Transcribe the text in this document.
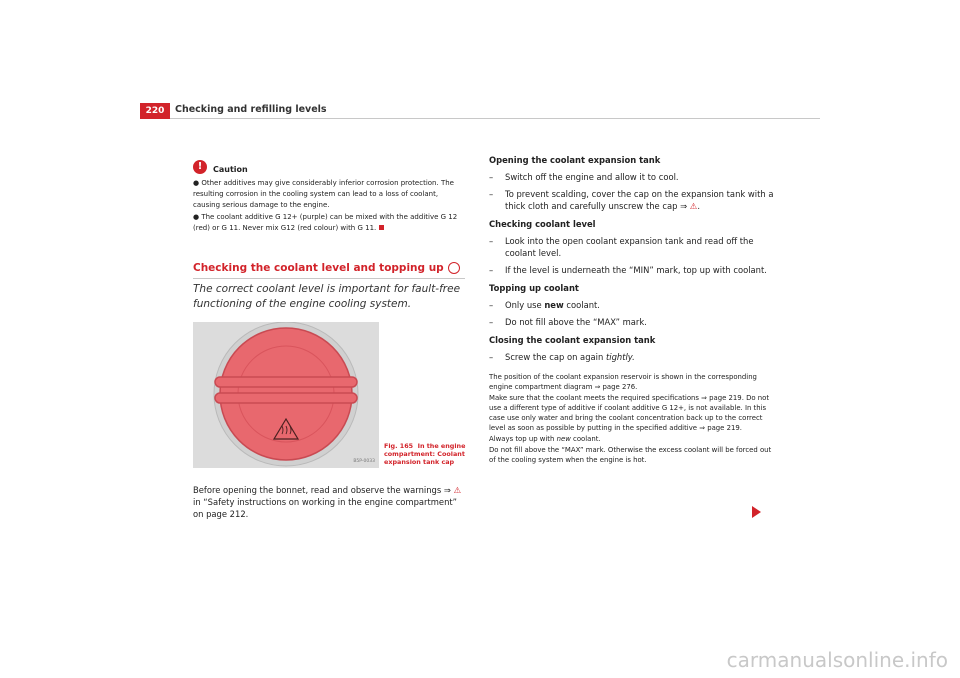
220	Checking and refilling levels
!	Caution

● Other additives may give considerably inferior corrosion protection. The resulting corrosion in the cooling system can lead to a loss of coolant, causing serious damage to the engine.

● The coolant additive G 12+ (purple) can be mixed with the additive G 12 (red) or G 11. Never mix G12 (red colour) with G 11.

Checking the coolant level and topping up
The correct coolant level is important for fault-free functioning of the engine cooling system.
B5P-0033
Fig. 165 In the engine compartment: Coolant expansion tank cap
Before opening the bonnet, read and observe the warnings ⇒ ⚠ in “Safety instructions on working in the engine compartment” on page 212.

Opening the coolant expansion tank

– Switch off the engine and allow it to cool.

– To prevent scalding, cover the cap on the expansion tank with a thick cloth and carefully unscrew the cap ⇒ ⚠.

Checking coolant level

– Look into the open coolant expansion tank and read off the coolant level.

– If the level is underneath the “MIN” mark, top up with coolant.

Topping up coolant

– Only use new coolant.

– Do not fill above the “MAX” mark.

Closing the coolant expansion tank

– Screw the cap on again tightly.

The position of the coolant expansion reservoir is shown in the corresponding engine compartment diagram ⇒ page 276.

Make sure that the coolant meets the required specifications ⇒ page 219. Do not use a different type of additive if coolant additive G 12+, is not available. In this case use only water and bring the coolant concentration back up to the correct level as soon as possible by putting in the specified additive ⇒ page 219.

Always top up with new coolant.

Do not fill above the “MAX” mark. Otherwise the excess coolant will be forced out of the cooling system when the engine is hot.

carmanualsonline.info
